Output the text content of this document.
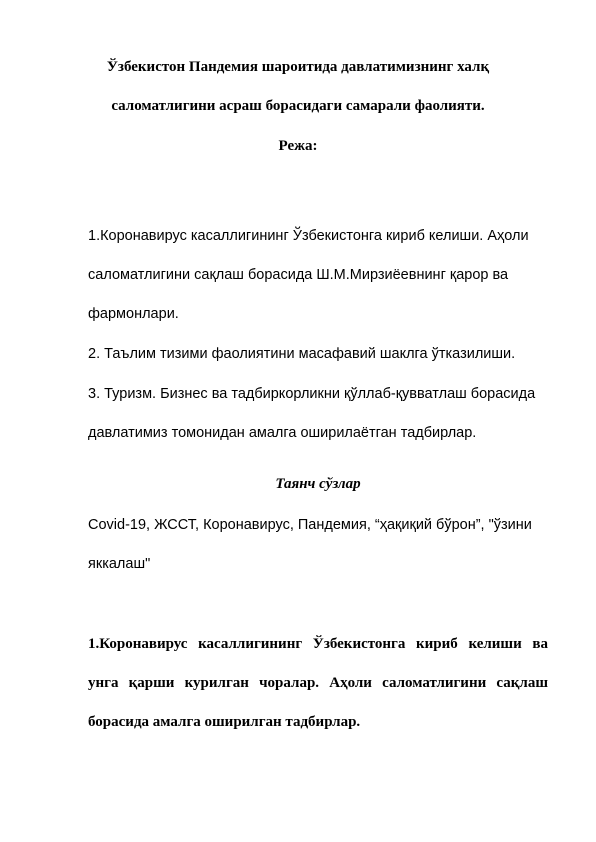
Ўзбекистон Пандемия шароитида давлатимизнинг халқ
саломатлигини асраш борасидаги самарали фаолияти.
Режа:
1.Коронавирус касаллигининг Ўзбекистонга кириб келиши. Аҳоли
саломатлигини сақлаш борасида Ш.М.Мирзиёевнинг қарор ва
фармонлари.
2. Таълим тизими фаолиятини масафавий шаклга ўтказилиши.
3. Туризм. Бизнес ва тадбиркорликни қўллаб-қувватлаш борасида
давлатимиз томонидан амалга оширилаётган тадбирлар.
Таянч сўзлар
Covid-19, ЖССТ, Коронавирус, Пандемия, “ҳақиқий бўрон”, "ўзини
яккалаш"
1.Коронавирус касаллигининг Ўзбекистонга кириб келиши ва
унга қарши курилган чоралар. Аҳоли саломатлигини сақлаш
борасида амалга оширилган тадбирлар.
